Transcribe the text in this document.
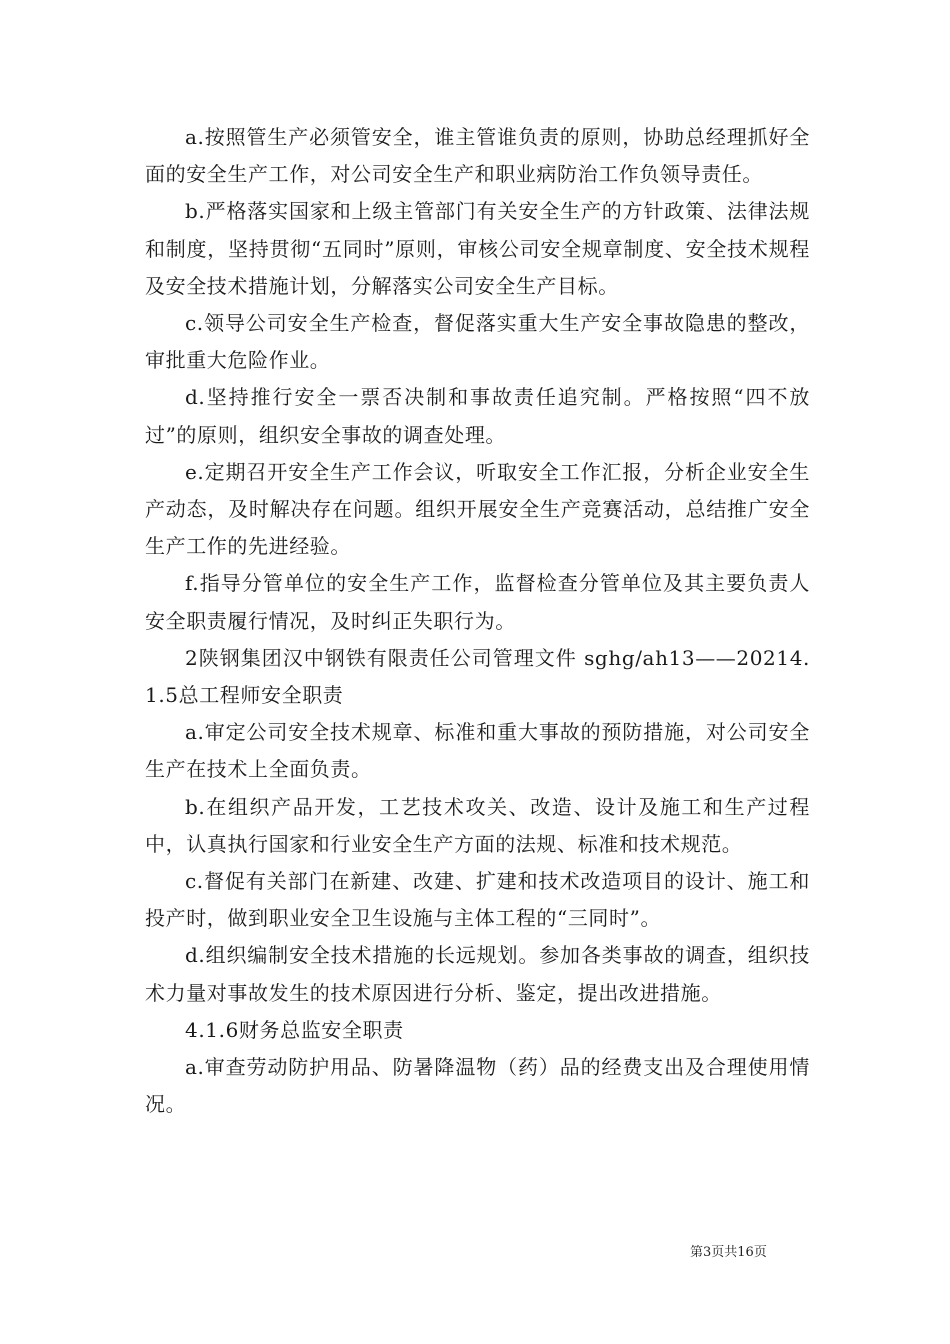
a.按照管生产必须管安全，谁主管谁负责的原则，协助总经理抓好全面的安全生产工作，对公司安全生产和职业病防治工作负领导责任。

b.严格落实国家和上级主管部门有关安全生产的方针政策、法律法规和制度，坚持贯彻“五同时”原则，审核公司安全规章制度、安全技术规程及安全技术措施计划，分解落实公司安全生产目标。

c.领导公司安全生产检查，督促落实重大生产安全事故隐患的整改，审批重大危险作业。

d.坚持推行安全一票否决制和事故责任追究制。严格按照“四不放过”的原则，组织安全事故的调查处理。

e.定期召开安全生产工作会议，听取安全工作汇报，分析企业安全生产动态，及时解决存在问题。组织开展安全生产竞赛活动，总结推广安全生产工作的先进经验。

f.指导分管单位的安全生产工作，监督检查分管单位及其主要负责人安全职责履行情况，及时纠正失职行为。

2陕钢集团汉中钢铁有限责任公司管理文件 sghg/ah13——20214.1.5总工程师安全职责

a.审定公司安全技术规章、标准和重大事故的预防措施，对公司安全生产在技术上全面负责。

b.在组织产品开发，工艺技术攻关、改造、设计及施工和生产过程中，认真执行国家和行业安全生产方面的法规、标准和技术规范。

c.督促有关部门在新建、改建、扩建和技术改造项目的设计、施工和投产时，做到职业安全卫生设施与主体工程的“三同时”。

d.组织编制安全技术措施的长远规划。参加各类事故的调查，组织技术力量对事故发生的技术原因进行分析、鉴定，提出改进措施。

4.1.6财务总监安全职责

a.审查劳动防护用品、防暑降温物（药）品的经费支出及合理使用情况。

第3页共16页
